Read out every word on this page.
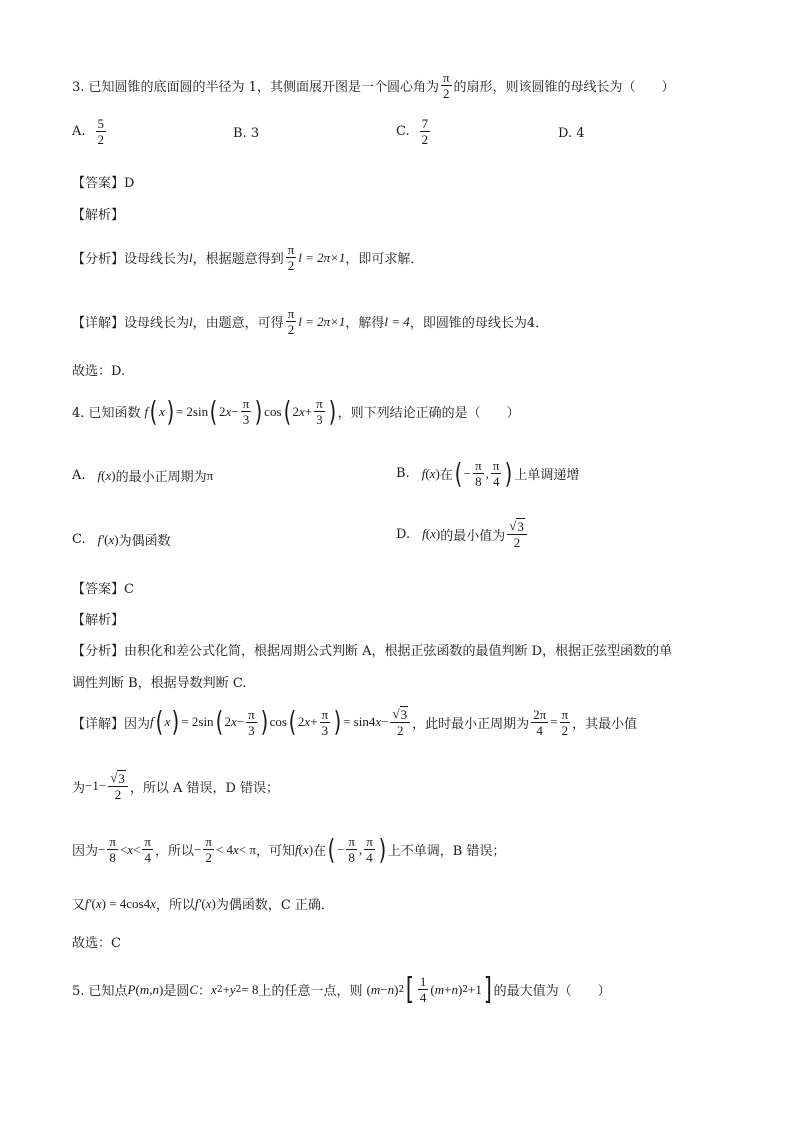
3. 已知圆锥的底面圆的半径为 1，其侧面展开图是一个圆心角为 $\frac{\pi}{2}$ 的扇形，则该圆锥的母线长为（　　）
A. $\frac{5}{2}$	B. 3	C. $\frac{7}{2}$	D. 4
【答案】D
【解析】
【分析】设母线长为 l ，根据题意得到 $\frac{\pi}{2}$ l = 2π×1 ，即可求解．
【详解】设母线长为 l ，由题意，可得 $\frac{\pi}{2}$ l = 2π×1 ，解得 l = 4 ，即圆锥的母线长为4．
故选：D.
4. 已知函数 f ( x ) = 2sin ( 2 $x - \frac{\pi}{3}$ ) cos ( 2 $x + \frac{\pi}{3}$ ) ，则下列结论正确的是（　　）
A. f ( x ) 的最小正周期为 π	B. f ( x ) 在 ( − $\frac{\pi}{8}$ , $\frac{\pi}{4}$ ) 上单调递增
C. f′ ( x ) 为偶函数	D. f ( x ) 的最小值为 $\frac{√ 3}{2}$
【答案】C
【解析】
【分析】由积化和差公式化简，根据周期公式判断 A，根据正弦函数的最值判断 D，根据正弦型函数的单
调性判断 B，根据导数判断 C.
【详解】因为 f ( x ) = 2sin ( 2 $x - \frac{\pi}{3}$ ) cos ( 2 $x + \frac{\pi}{3}$ ) = sin4 $x - \frac{√ 3}{2}$ ，此时最小正周期为 $\frac{2\pi}{4} = \frac{\pi}{2}$ ，其最小值
为 $-1- \frac{√ 3}{2}$ ，所以 A 错误，D 错误；
因为 − $\frac{\pi}{8} < x < \frac{\pi}{4}$ ，所以 − $\frac{\pi}{2} < 4$ x < π ，可知 f ( x ) 在 ( − $\frac{\pi}{8}$ , $\frac{\pi}{4}$ ) 上不单调，B 错误；
又 f′ ( x ) = 4cos4 x ，所以 f′ ( x ) 为偶函数，C 正确．
故选：C
5. 已知点 P ( m , n ) 是圆 C ： x 2 + y 2 = 8 上的任意一点，则 ( m − n ) 2 [ $\frac{1}{4}$ ( m + n ) 2 +1 ] 的最大值为（　　）
